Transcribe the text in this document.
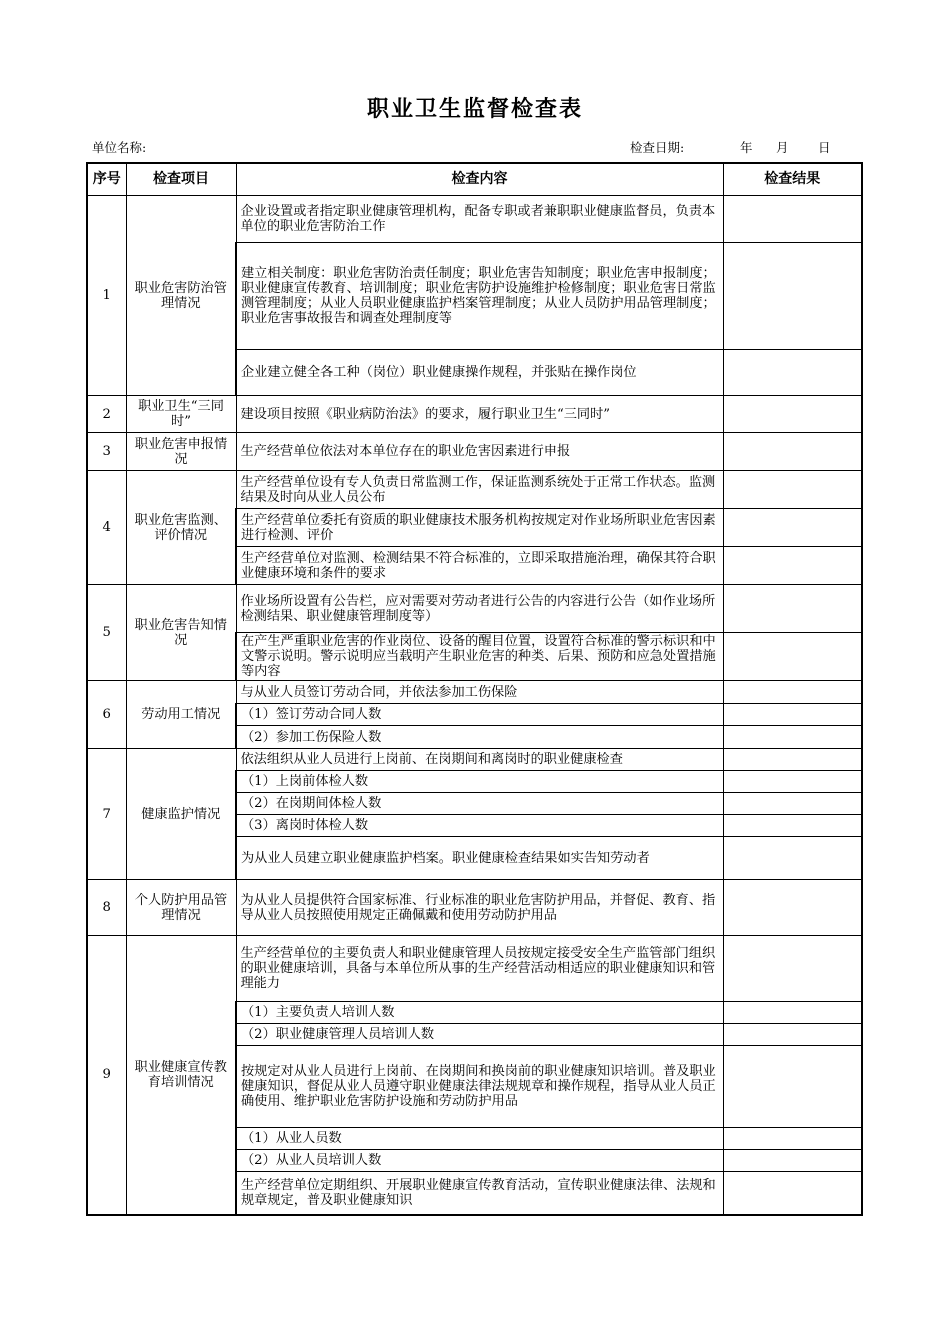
职业卫生监督检查表
单位名称:	检查日期:	年 月 日
序号	检查项目	检查内容	检查结果
1	职业危害防治管理情况	企业设置或者指定职业健康管理机构，配备专职或者兼职职业健康监督员，负责本单位的职业危害防治工作	
		建立相关制度：职业危害防治责任制度；职业危害告知制度；职业危害申报制度；职业健康宣传教育、培训制度；职业危害防护设施维护检修制度；职业危害日常监测管理制度；从业人员职业健康监护档案管理制度；从业人员防护用品管理制度；职业危害事故报告和调查处理制度等	
		企业建立健全各工种（岗位）职业健康操作规程，并张贴在操作岗位	
2	职业卫生“三同时”	建设项目按照《职业病防治法》的要求，履行职业卫生“三同时”	
3	职业危害申报情况	生产经营单位依法对本单位存在的职业危害因素进行申报	
4	职业危害监测、评价情况	生产经营单位设有专人负责日常监测工作，保证监测系统处于正常工作状态。监测结果及时向从业人员公布	
		生产经营单位委托有资质的职业健康技术服务机构按规定对作业场所职业危害因素进行检测、评价	
		生产经营单位对监测、检测结果不符合标准的，立即采取措施治理，确保其符合职业健康环境和条件的要求	
5	职业危害告知情况	作业场所设置有公告栏，应对需要对劳动者进行公告的内容进行公告（如作业场所检测结果、职业健康管理制度等）	
		在产生严重职业危害的作业岗位、设备的醒目位置，设置符合标准的警示标识和中文警示说明。警示说明应当载明产生职业危害的种类、后果、预防和应急处置措施等内容	
6	劳动用工情况	与从业人员签订劳动合同，并依法参加工伤保险	
		（1）签订劳动合同人数	
		（2）参加工伤保险人数	
7	健康监护情况	依法组织从业人员进行上岗前、在岗期间和离岗时的职业健康检查	
		（1）上岗前体检人数	
		（2）在岗期间体检人数	
		（3）离岗时体检人数	
		为从业人员建立职业健康监护档案。职业健康检查结果如实告知劳动者	
8	个人防护用品管理情况	为从业人员提供符合国家标准、行业标准的职业危害防护用品，并督促、教育、指导从业人员按照使用规定正确佩戴和使用劳动防护用品	
9	职业健康宣传教育培训情况	生产经营单位的主要负责人和职业健康管理人员按规定接受安全生产监管部门组织的职业健康培训，具备与本单位所从事的生产经营活动相适应的职业健康知识和管理能力	
		（1）主要负责人培训人数	
		（2）职业健康管理人员培训人数	
		按规定对从业人员进行上岗前、在岗期间和换岗前的职业健康知识培训。普及职业健康知识，督促从业人员遵守职业健康法律法规规章和操作规程，指导从业人员正确使用、维护职业危害防护设施和劳动防护用品	
		（1）从业人员数	
		（2）从业人员培训人数	
		生产经营单位定期组织、开展职业健康宣传教育活动，宣传职业健康法律、法规和规章规定，普及职业健康知识	
